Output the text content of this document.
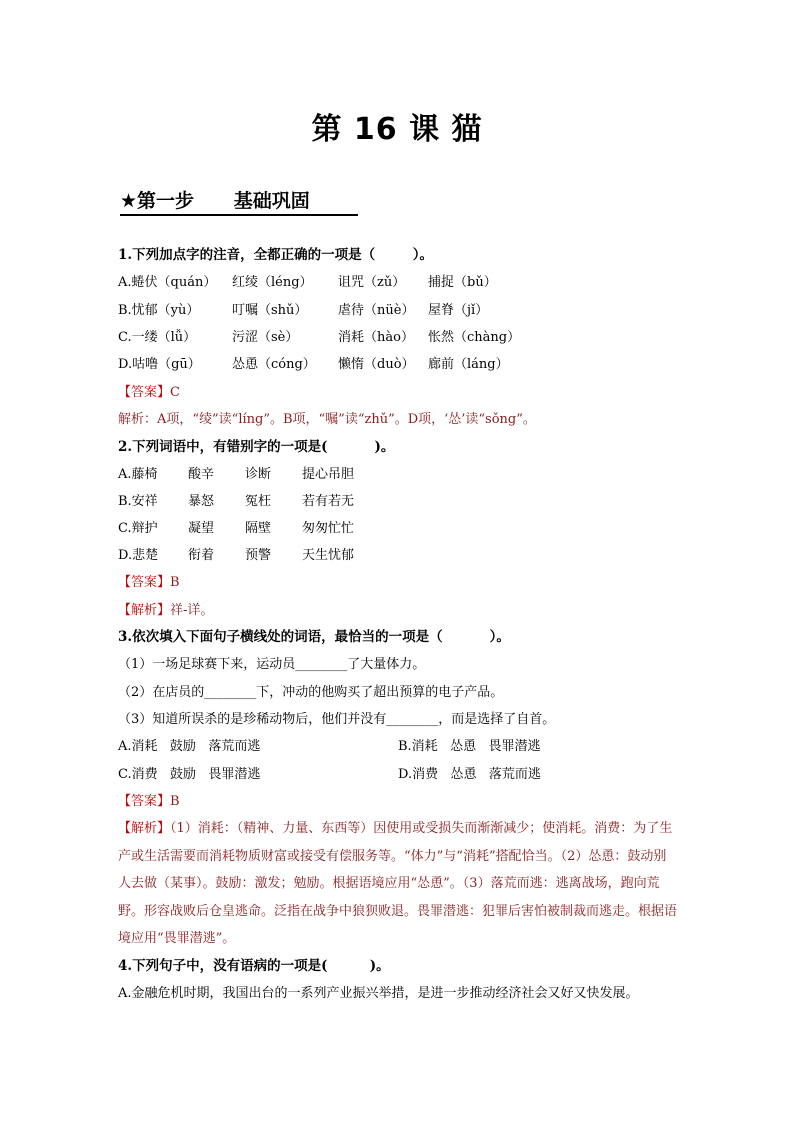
第 16 课 猫
★第一步      基础巩固
1.下列加点字的注音，全都正确的一项是（        ）。
A.蜷伏（quán） 红绫（léng） 诅咒（zǔ） 捕捉（bǔ）
B.忧郁（yù）	叮嘱（shǔ） 虐待（nüè） 屋脊（jǐ）
C.一缕（lǚ）	污涩（sè）	消耗（hào） 怅然（chàng）
D.咕噜（gū） 怂恿（cóng） 懒惰（duò） 廊前（láng）
【答案】C
解析：A项，“绫”读“líng”。B项，“嘱”读“zhǔ”。D项，‘怂’读“sǒng”。
2.下列词语中，有错别字的一项是(          )。
A.藤椅 酸辛 诊断 提心吊胆
B.安祥 暴怒 冤枉 若有若无
C.辩护 凝望 隔壁 匆匆忙忙
D.悲楚 衔着 预警 天生忧郁
【答案】B
【解析】祥-详。
3.依次填入下面句子横线处的词语，最恰当的一项是（          ）。
（1）一场足球赛下来，运动员________了大量体力。
（2）在店员的________下，冲动的他购买了超出预算的电子产品。
（3）知道所误杀的是珍稀动物后，他们并没有________，而是选择了自首。
A.消耗   鼓励   落荒而逃	B.消耗   怂恿   畏罪潜逃
C.消费   鼓励   畏罪潜逃	D.消费   怂恿   落荒而逃
【答案】B
【解析】（1）消耗：（精神、力量、东西等）因使用或受损失而渐渐减少；使消耗。消费：为了生产或生活需要而消耗物质财富或接受有偿服务等。“体力”与“消耗”搭配恰当。（2）怂恿：鼓动别人去做（某事）。鼓励：激发；勉励。根据语境应用“怂恿”。（3）落荒而逃：逃离战场，跑向荒野。形容战败后仓皇逃命。泛指在战争中狼狈败退。畏罪潜逃：犯罪后害怕被制裁而逃走。根据语境应用“畏罪潜逃”。
4.下列句子中，没有语病的一项是(         )。
A.金融危机时期，我国出台的一系列产业振兴举措，是进一步推动经济社会又好又快发展。
